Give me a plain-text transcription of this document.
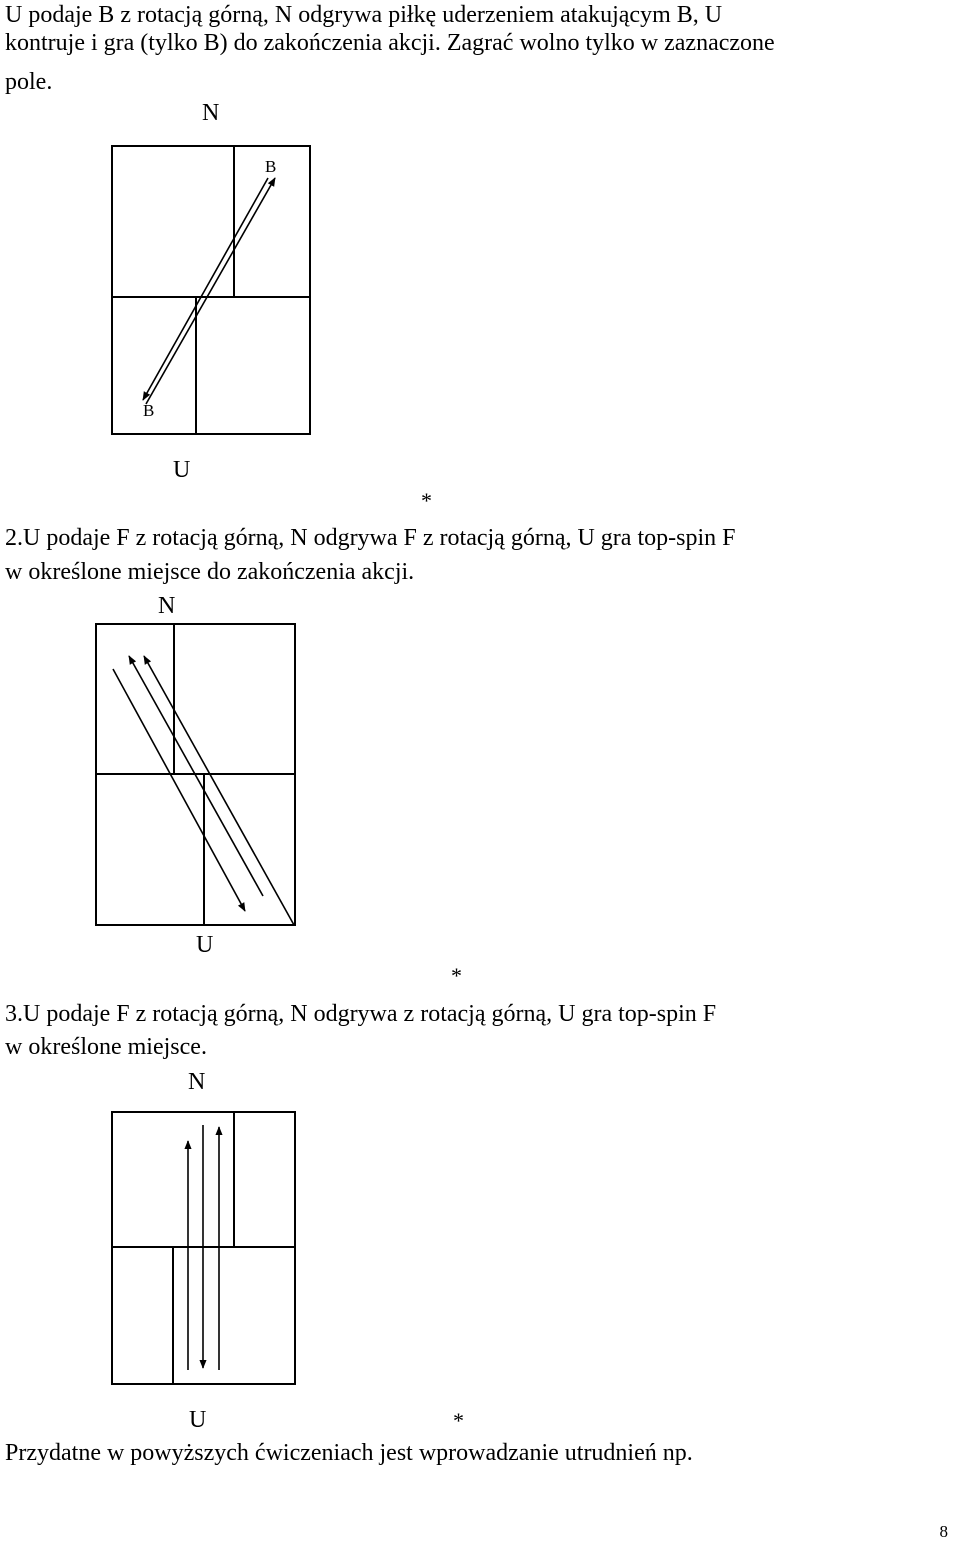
U podaje B z rotacją górną, N odgrywa piłkę uderzeniem atakującym B, U
kontruje i gra (tylko B) do zakończenia akcji. Zagrać wolno tylko w zaznaczone
pole.
N
B
B
U
*
2.U podaje F z rotacją górną, N odgrywa F z rotacją górną, U gra top-spin F
w określone miejsce do zakończenia akcji.
N
U
*
3.U podaje F z rotacją górną, N odgrywa z rotacją górną, U gra top-spin F
w określone miejsce.
N
U	*
Przydatne w powyższych ćwiczeniach jest wprowadzanie utrudnień np.
8
